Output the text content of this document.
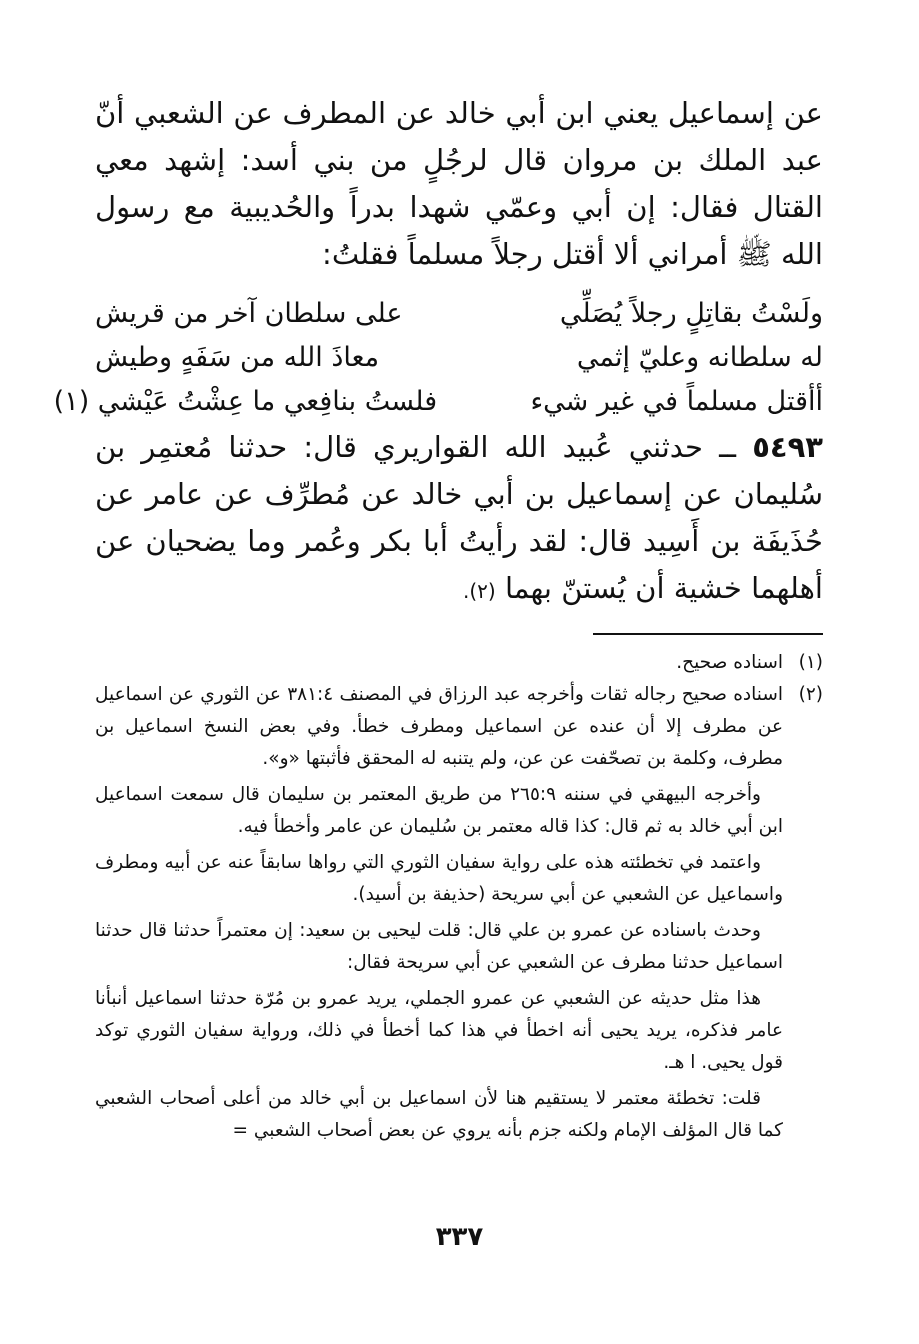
عن إسماعيل يعني ابن أبي خالد عن المطرف عن الشعبي أنّ عبد الملك بن مروان قال لرجُلٍ من بني أسد: إشهد معي القتال فقال: إن أبي وعمّي شهدا بدراً والحُديبية مع رسول الله ﷺ أمراني ألا أقتل رجلاً مسلماً فقلتُ:

ولَسْتُ بقاتِلٍ رجلاً يُصَلِّي
على سلطان آخر من قريش
له سلطانه وعليّ إثمي
معاذَ الله من سَفَهٍ وطيش
أأقتل مسلماً في غير شيء
فلستُ بنافِعي ما عِشْتُ عَيْشي (١)

٥٤٩٣ ــ حدثني عُبيد الله القواريري قال: حدثنا مُعتمِر بن سُليمان عن إسماعيل بن أبي خالد عن مُطرِّف عن عامر عن حُذَيفَة بن أَسِيد قال: لقد رأيتُ أبا بكر وعُمر وما يضحيان عن أهلهما خشية أن يُستنّ بهما (٢).

(١)

اسناده صحيح.

(٢)

اسناده صحيح رجاله ثقات وأخرجه عبد الرزاق في المصنف ٣٨١:٤ عن الثوري عن اسماعيل عن مطرف إلا أن عنده عن اسماعيل ومطرف خطأ. وفي بعض النسخ اسماعيل بن مطرف، وكلمة بن تصحّفت عن عن، ولم يتنبه له المحقق فأثبتها «و».

وأخرجه البيهقي في سننه ٢٦٥:٩ من طريق المعتمر بن سليمان قال سمعت اسماعيل ابن أبي خالد به ثم قال: كذا قاله معتمر بن سُليمان عن عامر وأخطأ فيه.

واعتمد في تخطئته هذه على رواية سفيان الثوري التي رواها سابقاً عنه عن أبيه ومطرف واسماعيل عن الشعبي عن أبي سريحة (حذيفة بن أسيد).

وحدث باسناده عن عمرو بن علي قال: قلت ليحيى بن سعيد: إن معتمراً حدثنا قال حدثنا اسماعيل حدثنا مطرف عن الشعبي عن أبي سريحة فقال:

هذا مثل حديثه عن الشعبي عن عمرو الجملي، يريد عمرو بن مُرّة حدثنا اسماعيل أنبأنا عامر فذكره، يريد يحيى أنه اخطأ في هذا كما أخطأ في ذلك، ورواية سفيان الثوري توكد قول يحيى. ا هـ.

قلت: تخطئة معتمر لا يستقيم هنا لأن اسماعيل بن أبي خالد من أعلى أصحاب الشعبي كما قال المؤلف الإمام ولكنه جزم بأنه يروي عن بعض أصحاب الشعبي =

٣٣٧
